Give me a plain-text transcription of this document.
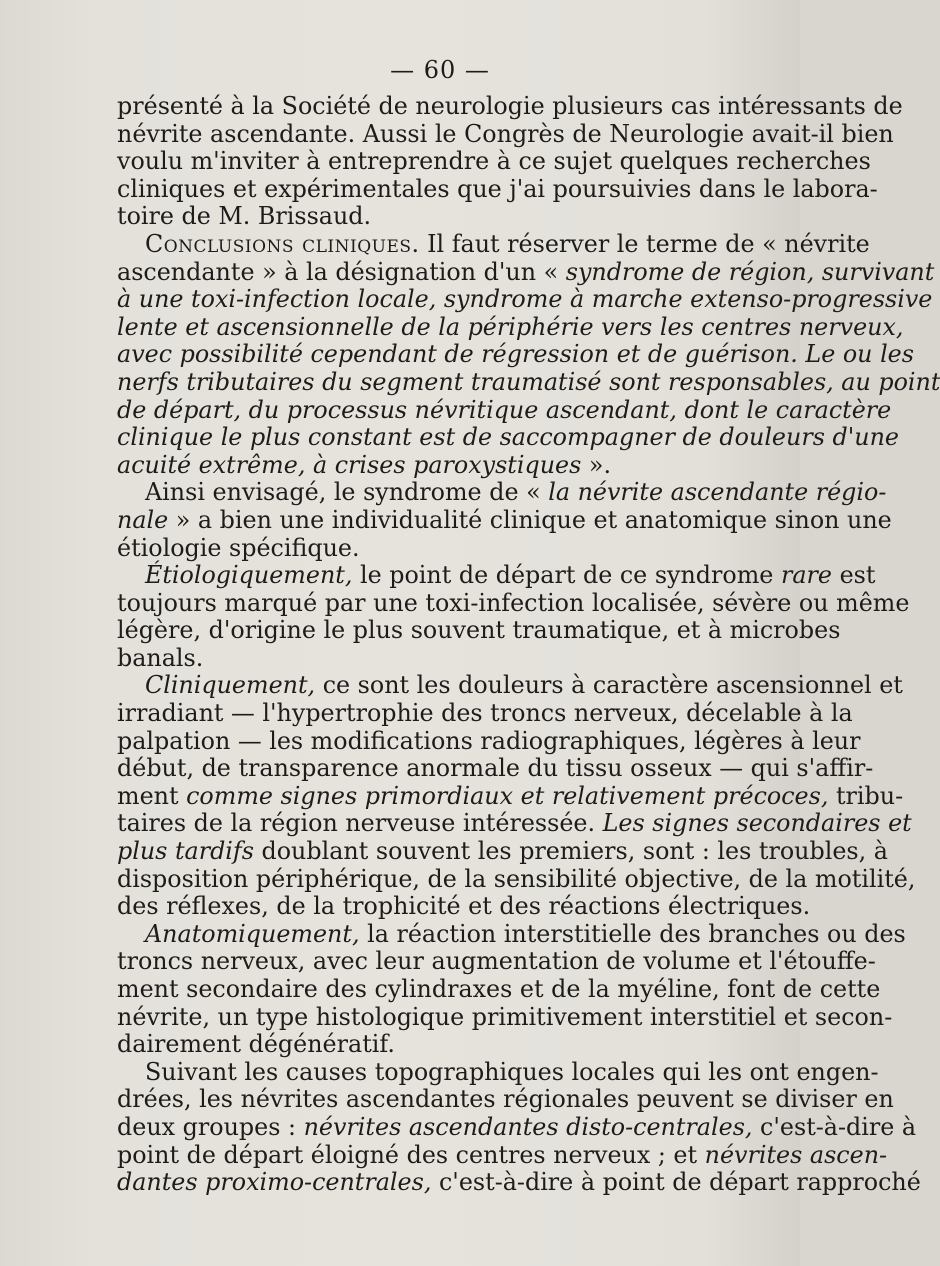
— 60 —
présenté à la Société de neurologie plusieurs cas intéressants de
névrite ascendante. Aussi le Congrès de Neurologie avait-il bien
voulu m'inviter à entreprendre à ce sujet quelques recherches
cliniques et expérimentales que j'ai poursuivies dans le labora-
toire de M. Brissaud.
Conclusions cliniques. Il faut réserver le terme de « névrite
ascendante » à la désignation d'un « syndrome de région, survivant
à une toxi-infection locale, syndrome à marche extenso-progressive
lente et ascensionnelle de la périphérie vers les centres nerveux,
avec possibilité cependant de régression et de guérison. Le ou les
nerfs tributaires du segment traumatisé sont responsables, au point
de départ, du processus névritique ascendant, dont le caractère
clinique le plus constant est de saccompagner de douleurs d'une
acuité extrême, à crises paroxystiques ».
Ainsi envisagé, le syndrome de « la névrite ascendante régio-
nale » a bien une individualité clinique et anatomique sinon une
étiologie spécifique.
Étiologiquement, le point de départ de ce syndrome rare est
toujours marqué par une toxi-infection localisée, sévère ou même
légère, d'origine le plus souvent traumatique, et à microbes
banals.
Cliniquement, ce sont les douleurs à caractère ascensionnel et
irradiant — l'hypertrophie des troncs nerveux, décelable à la
palpation — les modifications radiographiques, légères à leur
début, de transparence anormale du tissu osseux — qui s'affir-
ment comme signes primordiaux et relativement précoces, tribu-
taires de la région nerveuse intéressée. Les signes secondaires et
plus tardifs doublant souvent les premiers, sont : les troubles, à
disposition périphérique, de la sensibilité objective, de la motilité,
des réflexes, de la trophicité et des réactions électriques.
Anatomiquement, la réaction interstitielle des branches ou des
troncs nerveux, avec leur augmentation de volume et l'étouffe-
ment secondaire des cylindraxes et de la myéline, font de cette
névrite, un type histologique primitivement interstitiel et secon-
dairement dégénératif.
Suivant les causes topographiques locales qui les ont engen-
drées, les névrites ascendantes régionales peuvent se diviser en
deux groupes : névrites ascendantes disto-centrales, c'est-à-dire à
point de départ éloigné des centres nerveux ; et névrites ascen-
dantes proximo-centrales, c'est-à-dire à point de départ rapproché
